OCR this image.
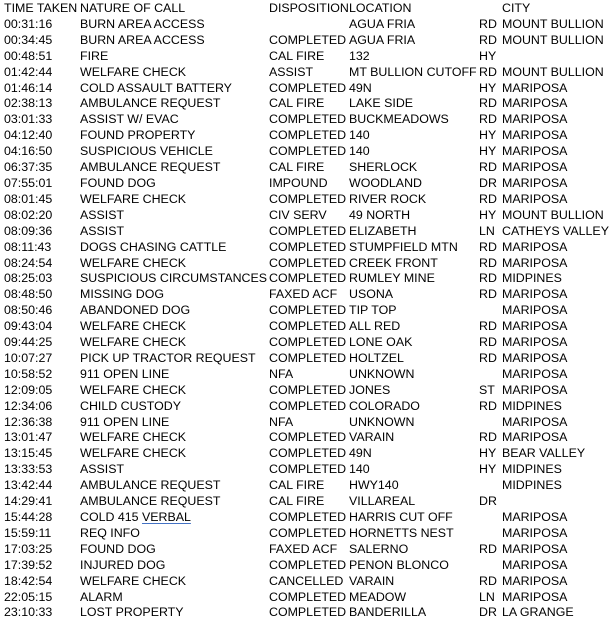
TIME TAKEN	NATURE OF CALL	DISPOSITION	LOCATION		CITY
00:31:16	BURN AREA ACCESS		AGUA FRIA	RD	MOUNT BULLION
00:34:45	BURN AREA ACCESS	COMPLETED	AGUA FRIA	RD	MOUNT BULLION
00:48:51	FIRE	CAL FIRE	132	HY	
01:42:44	WELFARE CHECK	ASSIST	MT BULLION CUTOFF	RD	MOUNT BULLION
01:46:14	COLD ASSAULT BATTERY	COMPLETED	49N	HY	MARIPOSA
02:38:13	AMBULANCE REQUEST	CAL FIRE	LAKE SIDE	RD	MARIPOSA
03:01:33	ASSIST W/ EVAC	COMPLETED	BUCKMEADOWS	RD	MARIPOSA
04:12:40	FOUND PROPERTY	COMPLETED	140	HY	MARIPOSA
04:16:50	SUSPICIOUS VEHICLE	COMPLETED	140	HY	MARIPOSA
06:37:35	AMBULANCE REQUEST	CAL FIRE	SHERLOCK	RD	MARIPOSA
07:55:01	FOUND DOG	IMPOUND	WOODLAND	DR	MARIPOSA
08:01:45	WELFARE CHECK	COMPLETED	RIVER ROCK	RD	MARIPOSA
08:02:20	ASSIST	CIV SERV	49 NORTH	HY	MOUNT BULLION
08:09:36	ASSIST	COMPLETED	ELIZABETH	LN	CATHEYS VALLEY
08:11:43	DOGS CHASING CATTLE	COMPLETED	STUMPFIELD MTN	RD	MARIPOSA
08:24:54	WELFARE CHECK	COMPLETED	CREEK FRONT	RD	MARIPOSA
08:25:03	SUSPICIOUS CIRCUMSTANCES	COMPLETED	RUMLEY MINE	RD	MIDPINES
08:48:50	MISSING DOG	FAXED ACF	USONA	RD	MARIPOSA
08:50:46	ABANDONED DOG	COMPLETED	TIP TOP		MARIPOSA
09:43:04	WELFARE CHECK	COMPLETED	ALL RED	RD	MARIPOSA
09:44:25	WELFARE CHECK	COMPLETED	LONE OAK	RD	MARIPOSA
10:07:27	PICK UP TRACTOR REQUEST	COMPLETED	HOLTZEL	RD	MARIPOSA
10:58:52	911 OPEN LINE	NFA	UNKNOWN		MARIPOSA
12:09:05	WELFARE CHECK	COMPLETED	JONES	ST	MARIPOSA
12:34:06	CHILD CUSTODY	COMPLETED	COLORADO	RD	MIDPINES
12:36:38	911 OPEN LINE	NFA	UNKNOWN		MARIPOSA
13:01:47	WELFARE CHECK	COMPLETED	VARAIN	RD	MARIPOSA
13:15:45	WELFARE CHECK	COMPLETED	49N	HY	BEAR VALLEY
13:33:53	ASSIST	COMPLETED	140	HY	MIDPINES
13:42:44	AMBULANCE REQUEST	CAL FIRE	HWY140		MIDPINES
14:29:41	AMBULANCE REQUEST	CAL FIRE	VILLAREAL	DR	
15:44:28	COLD 415 VERBAL	COMPLETED	HARRIS CUT OFF		MARIPOSA
15:59:11	REQ INFO	COMPLETED	HORNETTS NEST		MARIPOSA
17:03:25	FOUND DOG	FAXED ACF	SALERNO	RD	MARIPOSA
17:39:52	INJURED DOG	COMPLETED	PENON BLONCO		MARIPOSA
18:42:54	WELFARE CHECK	CANCELLED	VARAIN	RD	MARIPOSA
22:05:15	ALARM	COMPLETED	MEADOW	LN	MARIPOSA
23:10:33	LOST PROPERTY	COMPLETED	BANDERILLA	DR	LA GRANGE
